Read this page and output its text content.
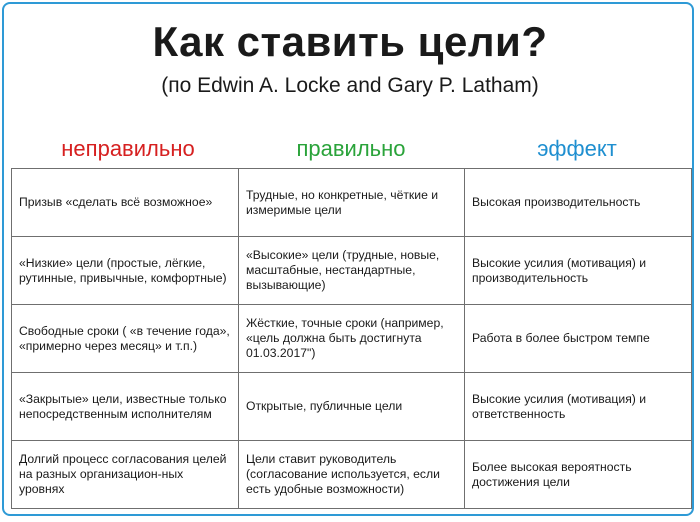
Как ставить цели?
(по Edwin A. Locke and Gary P. Latham)
неправильно	правильно	эффект
Призыв «сделать всё возможное»	Трудные, но конкретные, чёткие и измеримые цели	Высокая производительность
«Низкие» цели (простые, лёгкие, рутинные, привычные, комфортные)	«Высокие» цели (трудные, новые, масштабные, нестандартные, вызывающие)	Высокие усилия (мотивация) и производительность
Свободные сроки ( «в течение года», «примерно через месяц» и т.п.)	Жёсткие, точные сроки (например, «цель должна быть достигнута 01.03.2017")	Работа в более быстром темпе
«Закрытые» цели, известные только непосредственным исполнителям	Открытые, публичные цели	Высокие усилия (мотивация) и ответственность
Долгий процесс согласования целей на разных организацион-ных уровнях	Цели ставит руководитель (согласование используется, если есть удобные возможности)	Более высокая вероятность достижения цели
